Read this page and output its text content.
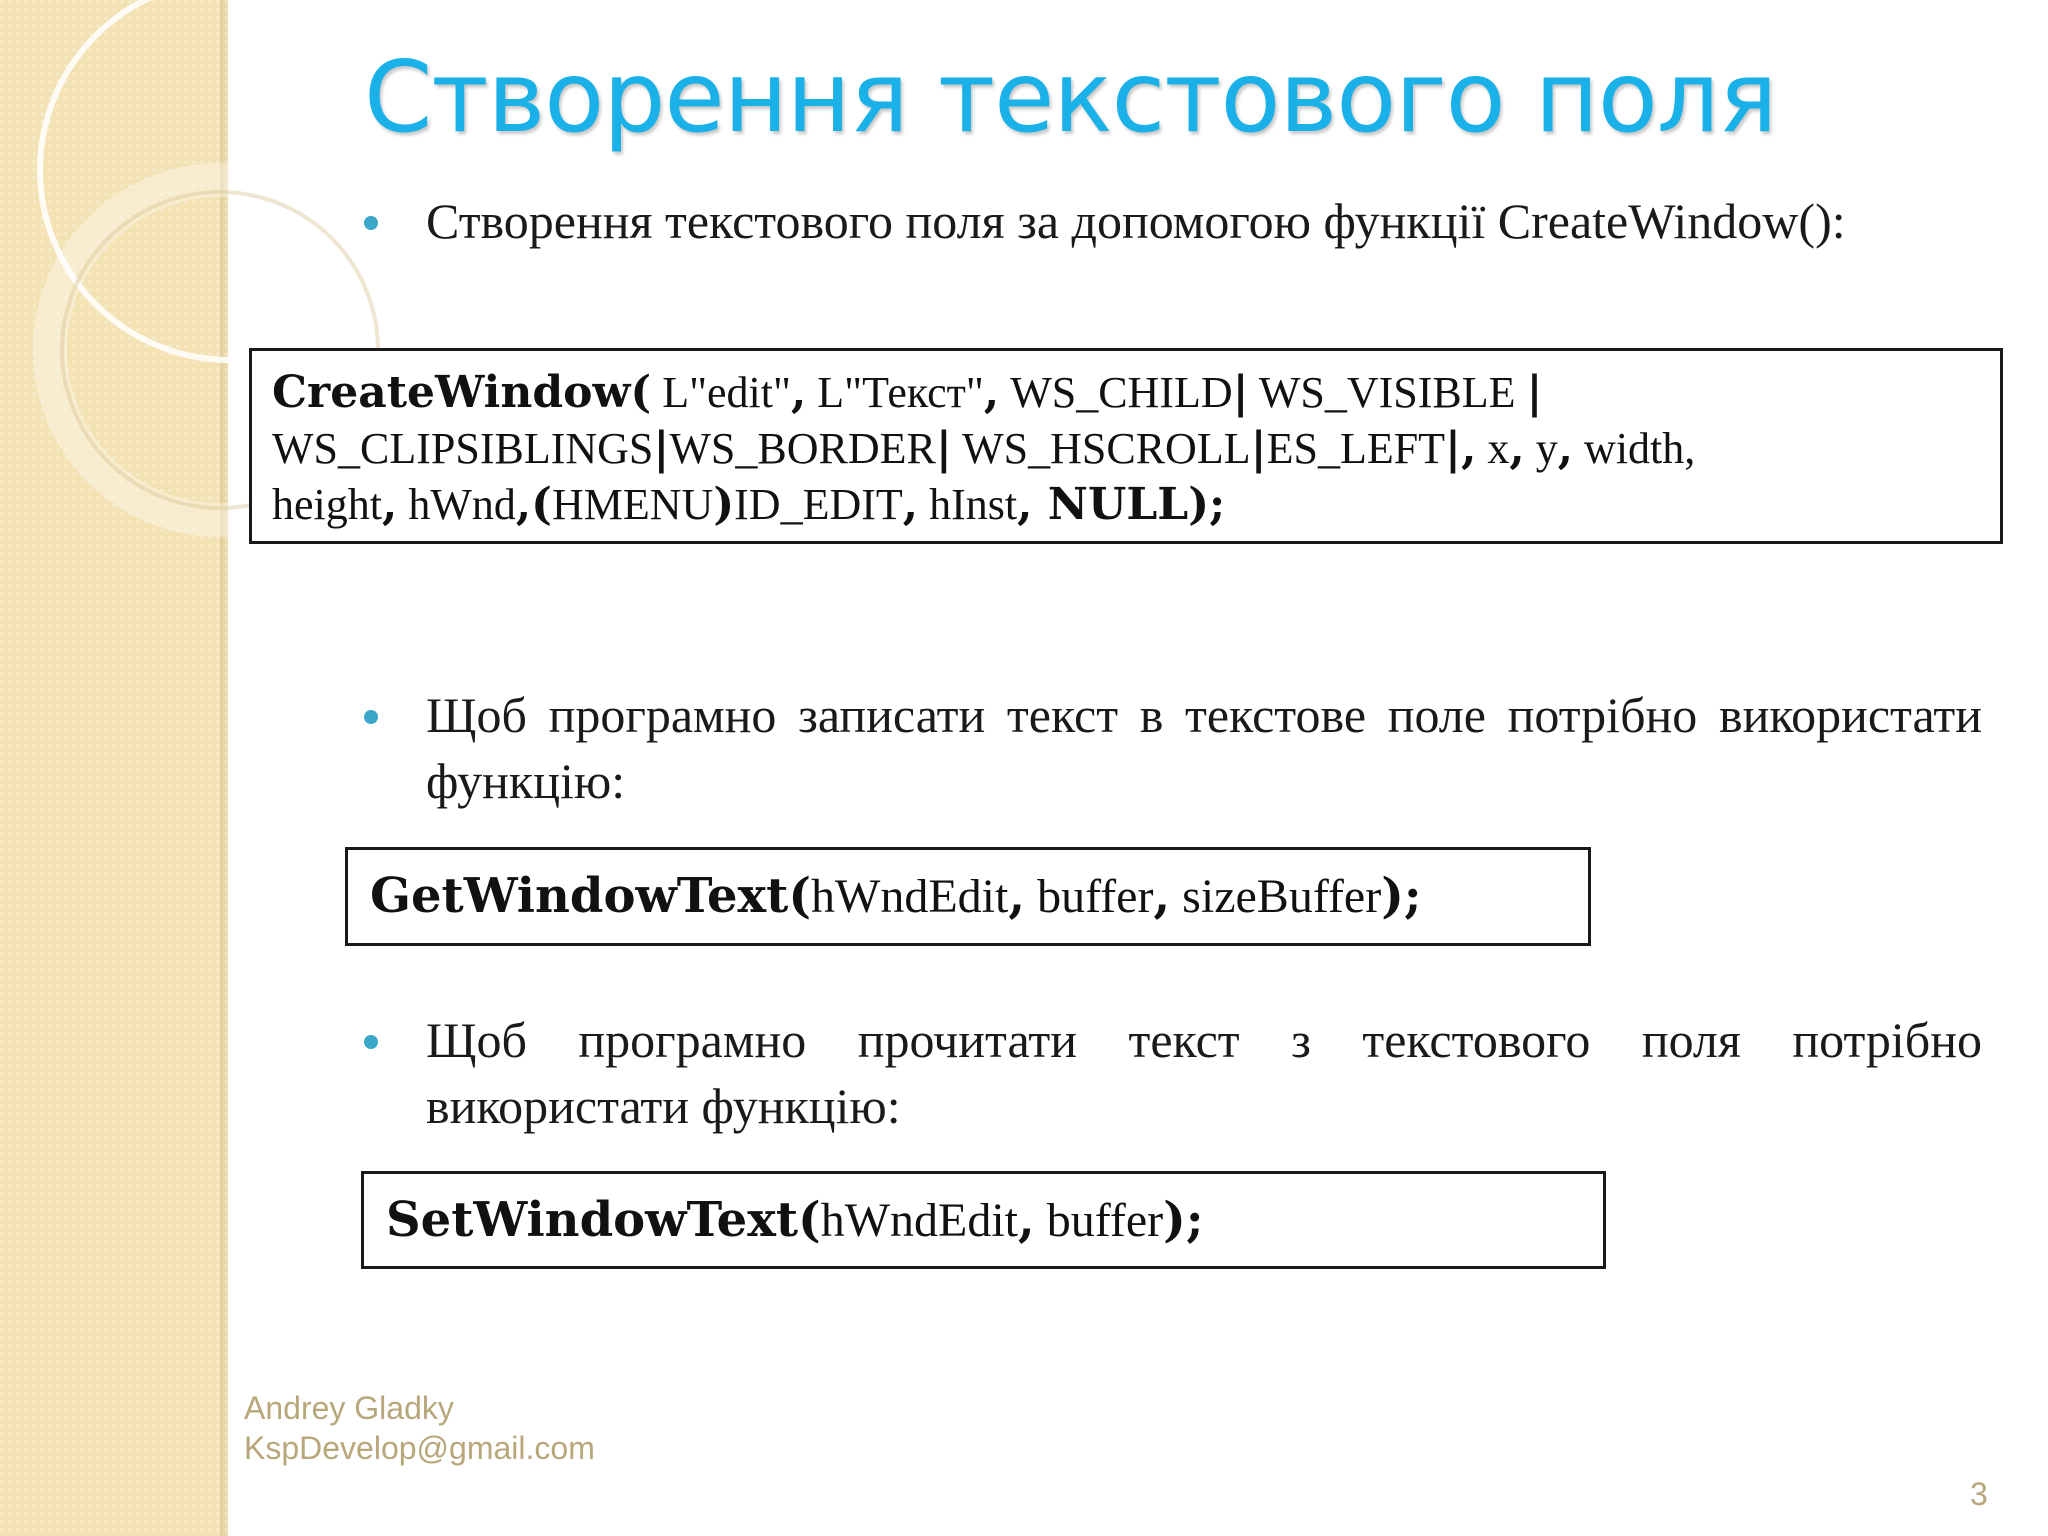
Створення текстового поля
Створення текстового поля за допомогою функції CreateWindow():
CreateWindow( L"edit", L"Текст", WS_CHILD| WS_VISIBLE |
WS_CLIPSIBLINGS|WS_BORDER| WS_HSCROLL|ES_LEFT|, x, y, width,
height, hWnd,(HMENU)ID_EDIT, hInst, NULL);
Щоб програмно записати текст в текстове поле потрібно використати функцію:
GetWindowText(hWndEdit, buffer, sizeBuffer);
Щоб програмно прочитати текст з текстового поля потрібно використати функцію:
SetWindowText(hWndEdit, buffer);
Andrey Gladky
KspDevelop@gmail.com
3
